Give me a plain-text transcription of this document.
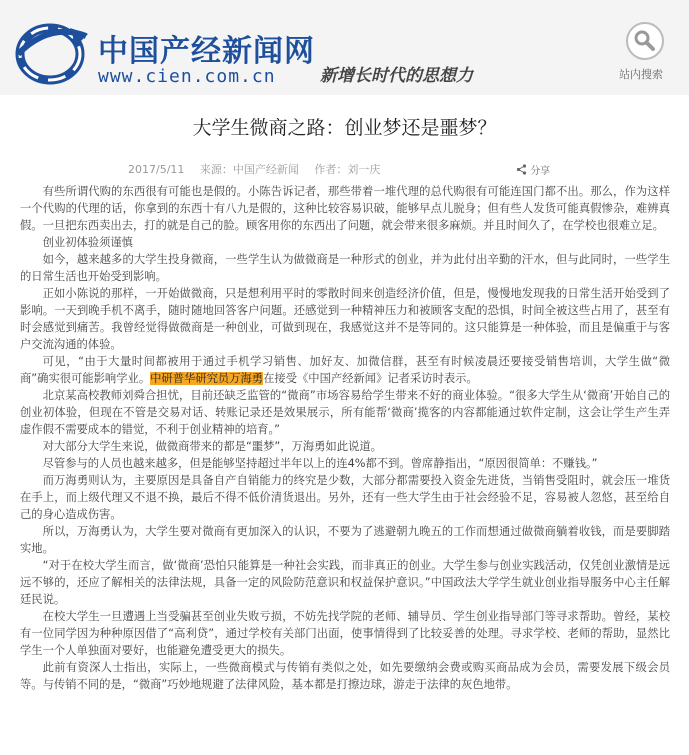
中国产经新闻网
www.cien.com.cn	新增长时代的思想力	站内搜索
大学生微商之路：创业梦还是噩梦？
2017/5/11 来源：中国产经新闻 作者：刘一庆	分享

有些所谓代购的东西很有可能也是假的。小陈告诉记者，那些带着一堆代理的总代购很有可能连国门都不出。那么，作为这样一个代购的代理的话，你拿到的东西十有八九是假的，这种比较容易识破，能够早点儿脱身；但有些人发货可能真假惨杂，难辨真假。一旦把东西卖出去，打的就是自己的脸。顾客用你的东西出了问题，就会带来很多麻烦。并且时间久了，在学校也很难立足。

创业初体验须谨慎

如今，越来越多的大学生投身微商，一些学生认为做微商是一种形式的创业，并为此付出辛勤的汗水，但与此同时，一些学生的日常生活也开始受到影响。

正如小陈说的那样，一开始做微商，只是想利用平时的零散时间来创造经济价值，但是，慢慢地发现我的日常生活开始受到了影响。一天到晚手机不离手，随时随地回答客户问题。还感觉到一种精神压力和被顾客支配的恐惧，时间全被这些占用了，甚至有时会感觉到痛苦。我曾经觉得做微商是一种创业，可做到现在，我感觉这并不是等同的。这只能算是一种体验，而且是偏重于与客户交流沟通的体验。

可见，“由于大量时间都被用于通过手机学习销售、加好友、加微信群，甚至有时候凌晨还要接受销售培训，大学生做“微商”确实很可能影响学业。中研普华研究员万海勇在接受《中国产经新闻》记者采访时表示。

北京某高校教师刘舜合担忧，目前还缺乏监管的“微商”市场容易给学生带来不好的商业体验。“很多大学生从‘微商’开始自己的创业初体验，但现在不管是交易对话、转账记录还是效果展示，所有能帮‘微商’揽客的内容都能通过软件定制，这会让学生产生弄虚作假不需要成本的错觉，不利于创业精神的培育。”

对大部分大学生来说，做微商带来的都是“噩梦”，万海勇如此说道。

尽管参与的人员也越来越多，但是能够坚持超过半年以上的连4%都不到。曾席静指出，“原因很简单：不赚钱。”

而万海勇则认为，主要原因是具备自产自销能力的终究是少数，大部分都需要投入资金先进货，当销售受阻时，就会压一堆货在手上，而上级代理又不退不换，最后不得不低价清货退出。另外，还有一些大学生由于社会经验不足，容易被人忽悠，甚至给自己的身心造成伤害。

所以，万海勇认为，大学生要对微商有更加深入的认识，不要为了逃避朝九晚五的工作而想通过做微商躺着收钱，而是要脚踏实地。

“对于在校大学生而言，做‘微商’恐怕只能算是一种社会实践，而非真正的创业。大学生参与创业实践活动，仅凭创业激情是远远不够的，还应了解相关的法律法规，具备一定的风险防范意识和权益保护意识。”中国政法大学学生就业创业指导服务中心主任解廷民说。

在校大学生一旦遭遇上当受骗甚至创业失败亏损，不妨先找学院的老师、辅导员、学生创业指导部门等寻求帮助。曾经，某校有一位同学因为种种原因借了“高利贷”，通过学校有关部门出面，使事情得到了比较妥善的处理。寻求学校、老师的帮助，显然比学生一个人单独面对要好，也能避免遭受更大的损失。

此前有资深人士指出，实际上，一些微商模式与传销有类似之处，如先要缴纳会费或购买商品成为会员，需要发展下级会员等。与传销不同的是，“微商”巧妙地规避了法律风险，基本都是打擦边球，游走于法律的灰色地带。
